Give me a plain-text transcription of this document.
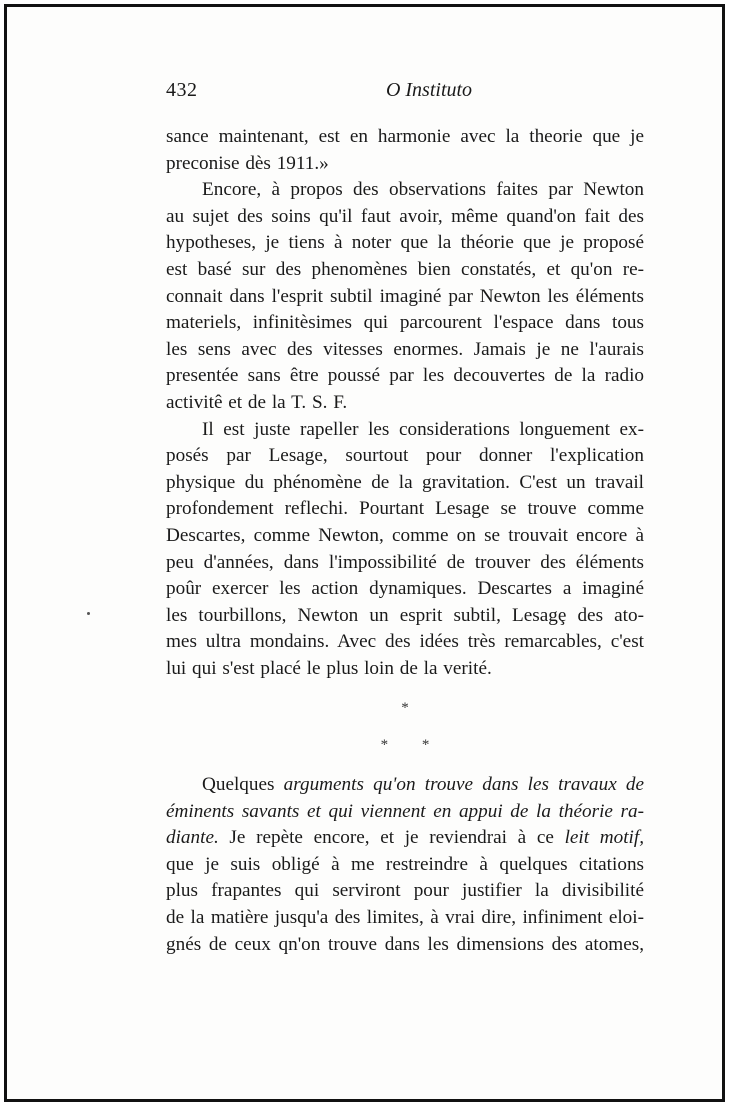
432	O Instituto
sance maintenant, est en harmonie avec la theorie que je
preconise dès 1911.»
Encore, à propos des observations faites par Newton
au sujet des soins qu'il faut avoir, même quand'on fait des
hypotheses, je tiens à noter que la théorie que je proposé
est basé sur des phenomènes bien constatés, et qu'on re-
connait dans l'esprit subtil imaginé par Newton les éléments
materiels, infinitèsimes qui parcourent l'espace dans tous
les sens avec des vitesses enormes. Jamais je ne l'aurais
presentée sans être poussé par les decouvertes de la radio
activitê et de la T. S. F.
Il est juste rapeller les considerations longuement ex-
posés par Lesage, sourtout pour donner l'explication
physique du phénomène de la gravitation. C'est un travail
profondement reflechi. Pourtant Lesage se trouve comme
Descartes, comme Newton, comme on se trouvait encore à
peu d'années, dans l'impossibilité de trouver des éléments
poûr exercer les action dynamiques. Descartes a imaginé
les tourbillons, Newton un esprit subtil, Lesagȩ des ato-
mes ultra mondains. Avec des idées très remarcables, c'est
lui qui s'est placé le plus loin de la verité.
*
* *
Quelques arguments qu'on trouve dans les travaux de
éminents savants et qui viennent en appui de la théorie ra-
diante. Je repète encore, et je reviendrai à ce leit motif,
que je suis obligé à me restreindre à quelques citations
plus frapantes qui serviront pour justifier la divisibilité
de la matière jusqu'a des limites, à vrai dire, infiniment eloi-
gnés de ceux qn'on trouve dans les dimensions des atomes,
